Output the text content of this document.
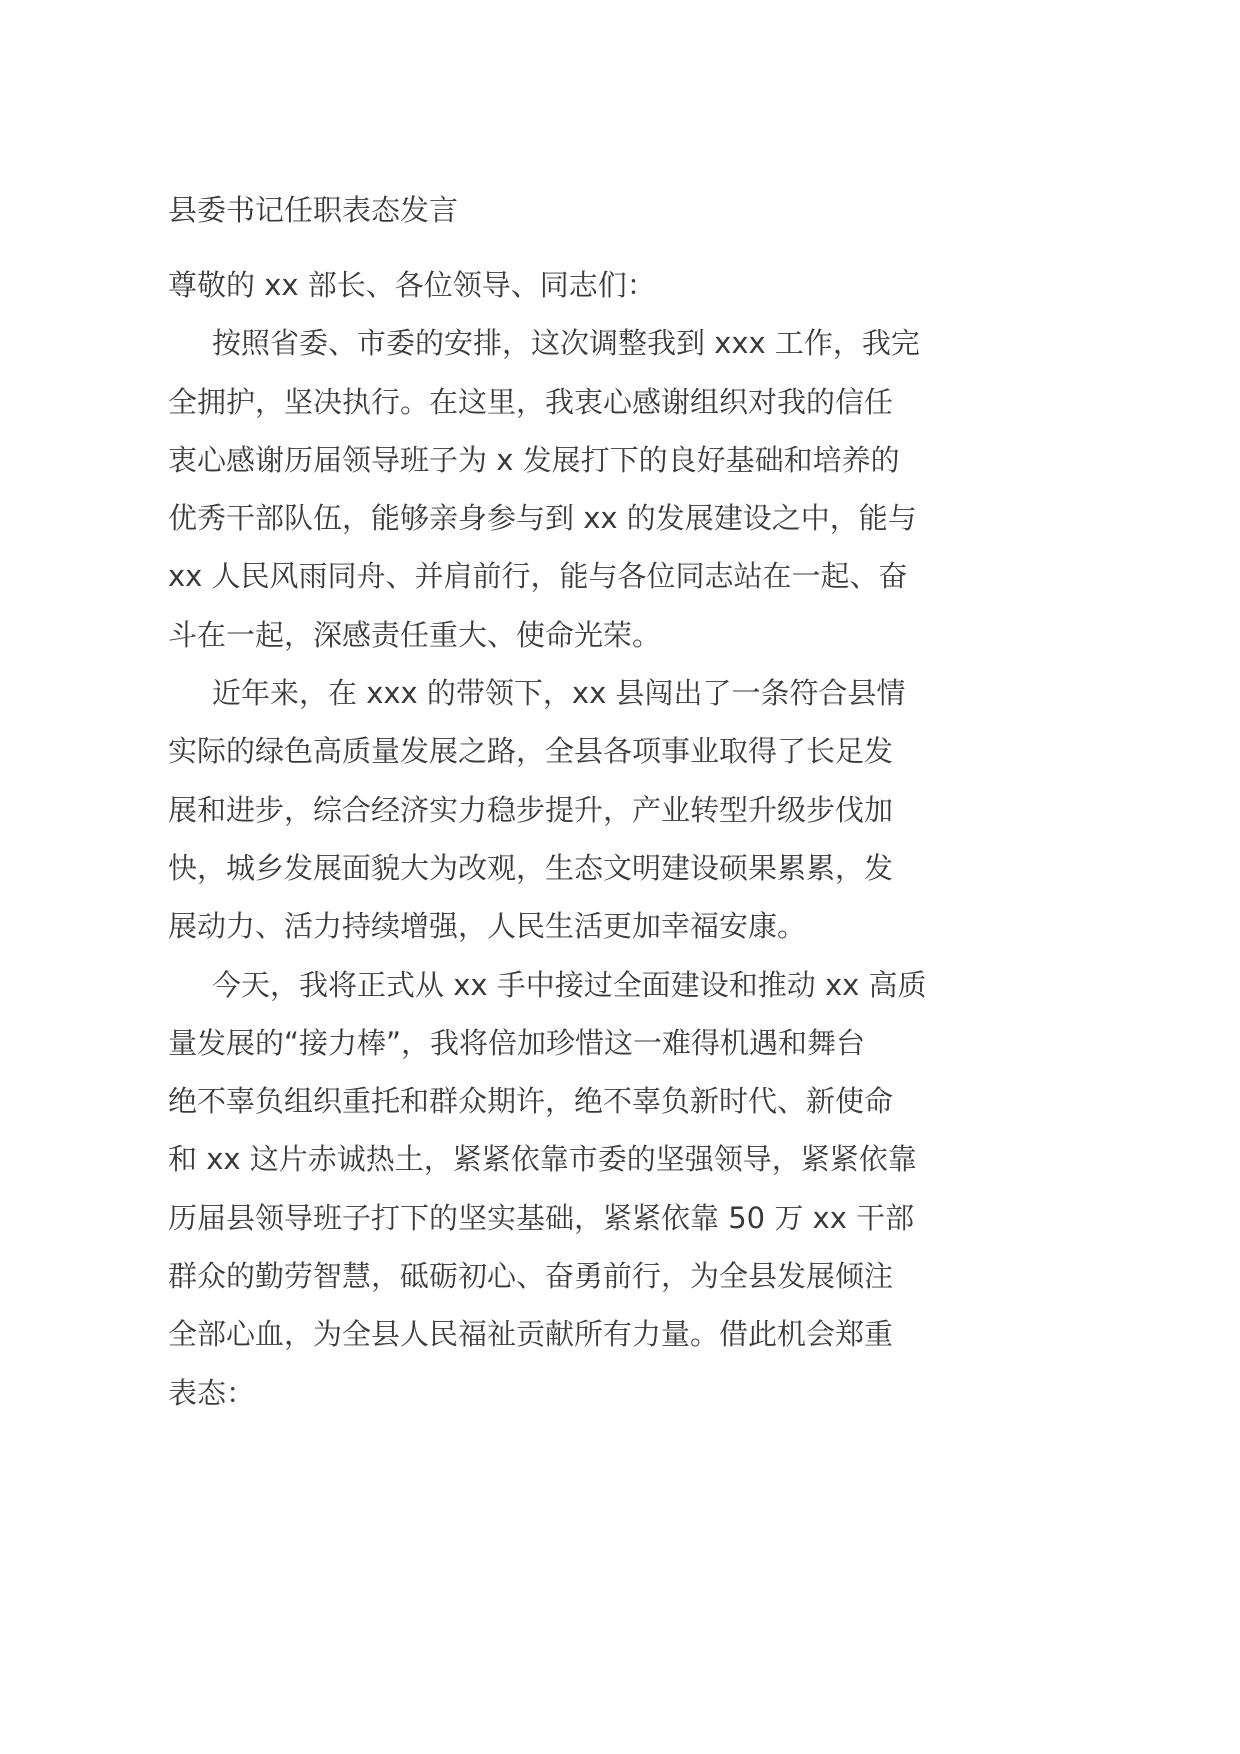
县委书记任职表态发言
尊敬的 xx 部长、各位领导、同志们：
按照省委、市委的安排，这次调整我到 xxx 工作，我完
全拥护，坚决执行。在这里，我衷心感谢组织对我的信任
衷心感谢历届领导班子为 x 发展打下的良好基础和培养的
优秀干部队伍，能够亲身参与到 xx 的发展建设之中，能与
xx 人民风雨同舟、并肩前行，能与各位同志站在一起、奋
斗在一起，深感责任重大、使命光荣。
近年来，在 xxx 的带领下，xx 县闯出了一条符合县情
实际的绿色高质量发展之路，全县各项事业取得了长足发
展和进步，综合经济实力稳步提升，产业转型升级步伐加
快，城乡发展面貌大为改观，生态文明建设硕果累累，发
展动力、活力持续增强，人民生活更加幸福安康。
今天，我将正式从 xx 手中接过全面建设和推动 xx 高质
量发展的“接力棒”，我将倍加珍惜这一难得机遇和舞台
绝不辜负组织重托和群众期许，绝不辜负新时代、新使命
和 xx 这片赤诚热土，紧紧依靠市委的坚强领导，紧紧依靠
历届县领导班子打下的坚实基础，紧紧依靠 50 万 xx 干部
群众的勤劳智慧，砥砺初心、奋勇前行，为全县发展倾注
全部心血，为全县人民福祉贡献所有力量。借此机会郑重
表态：
